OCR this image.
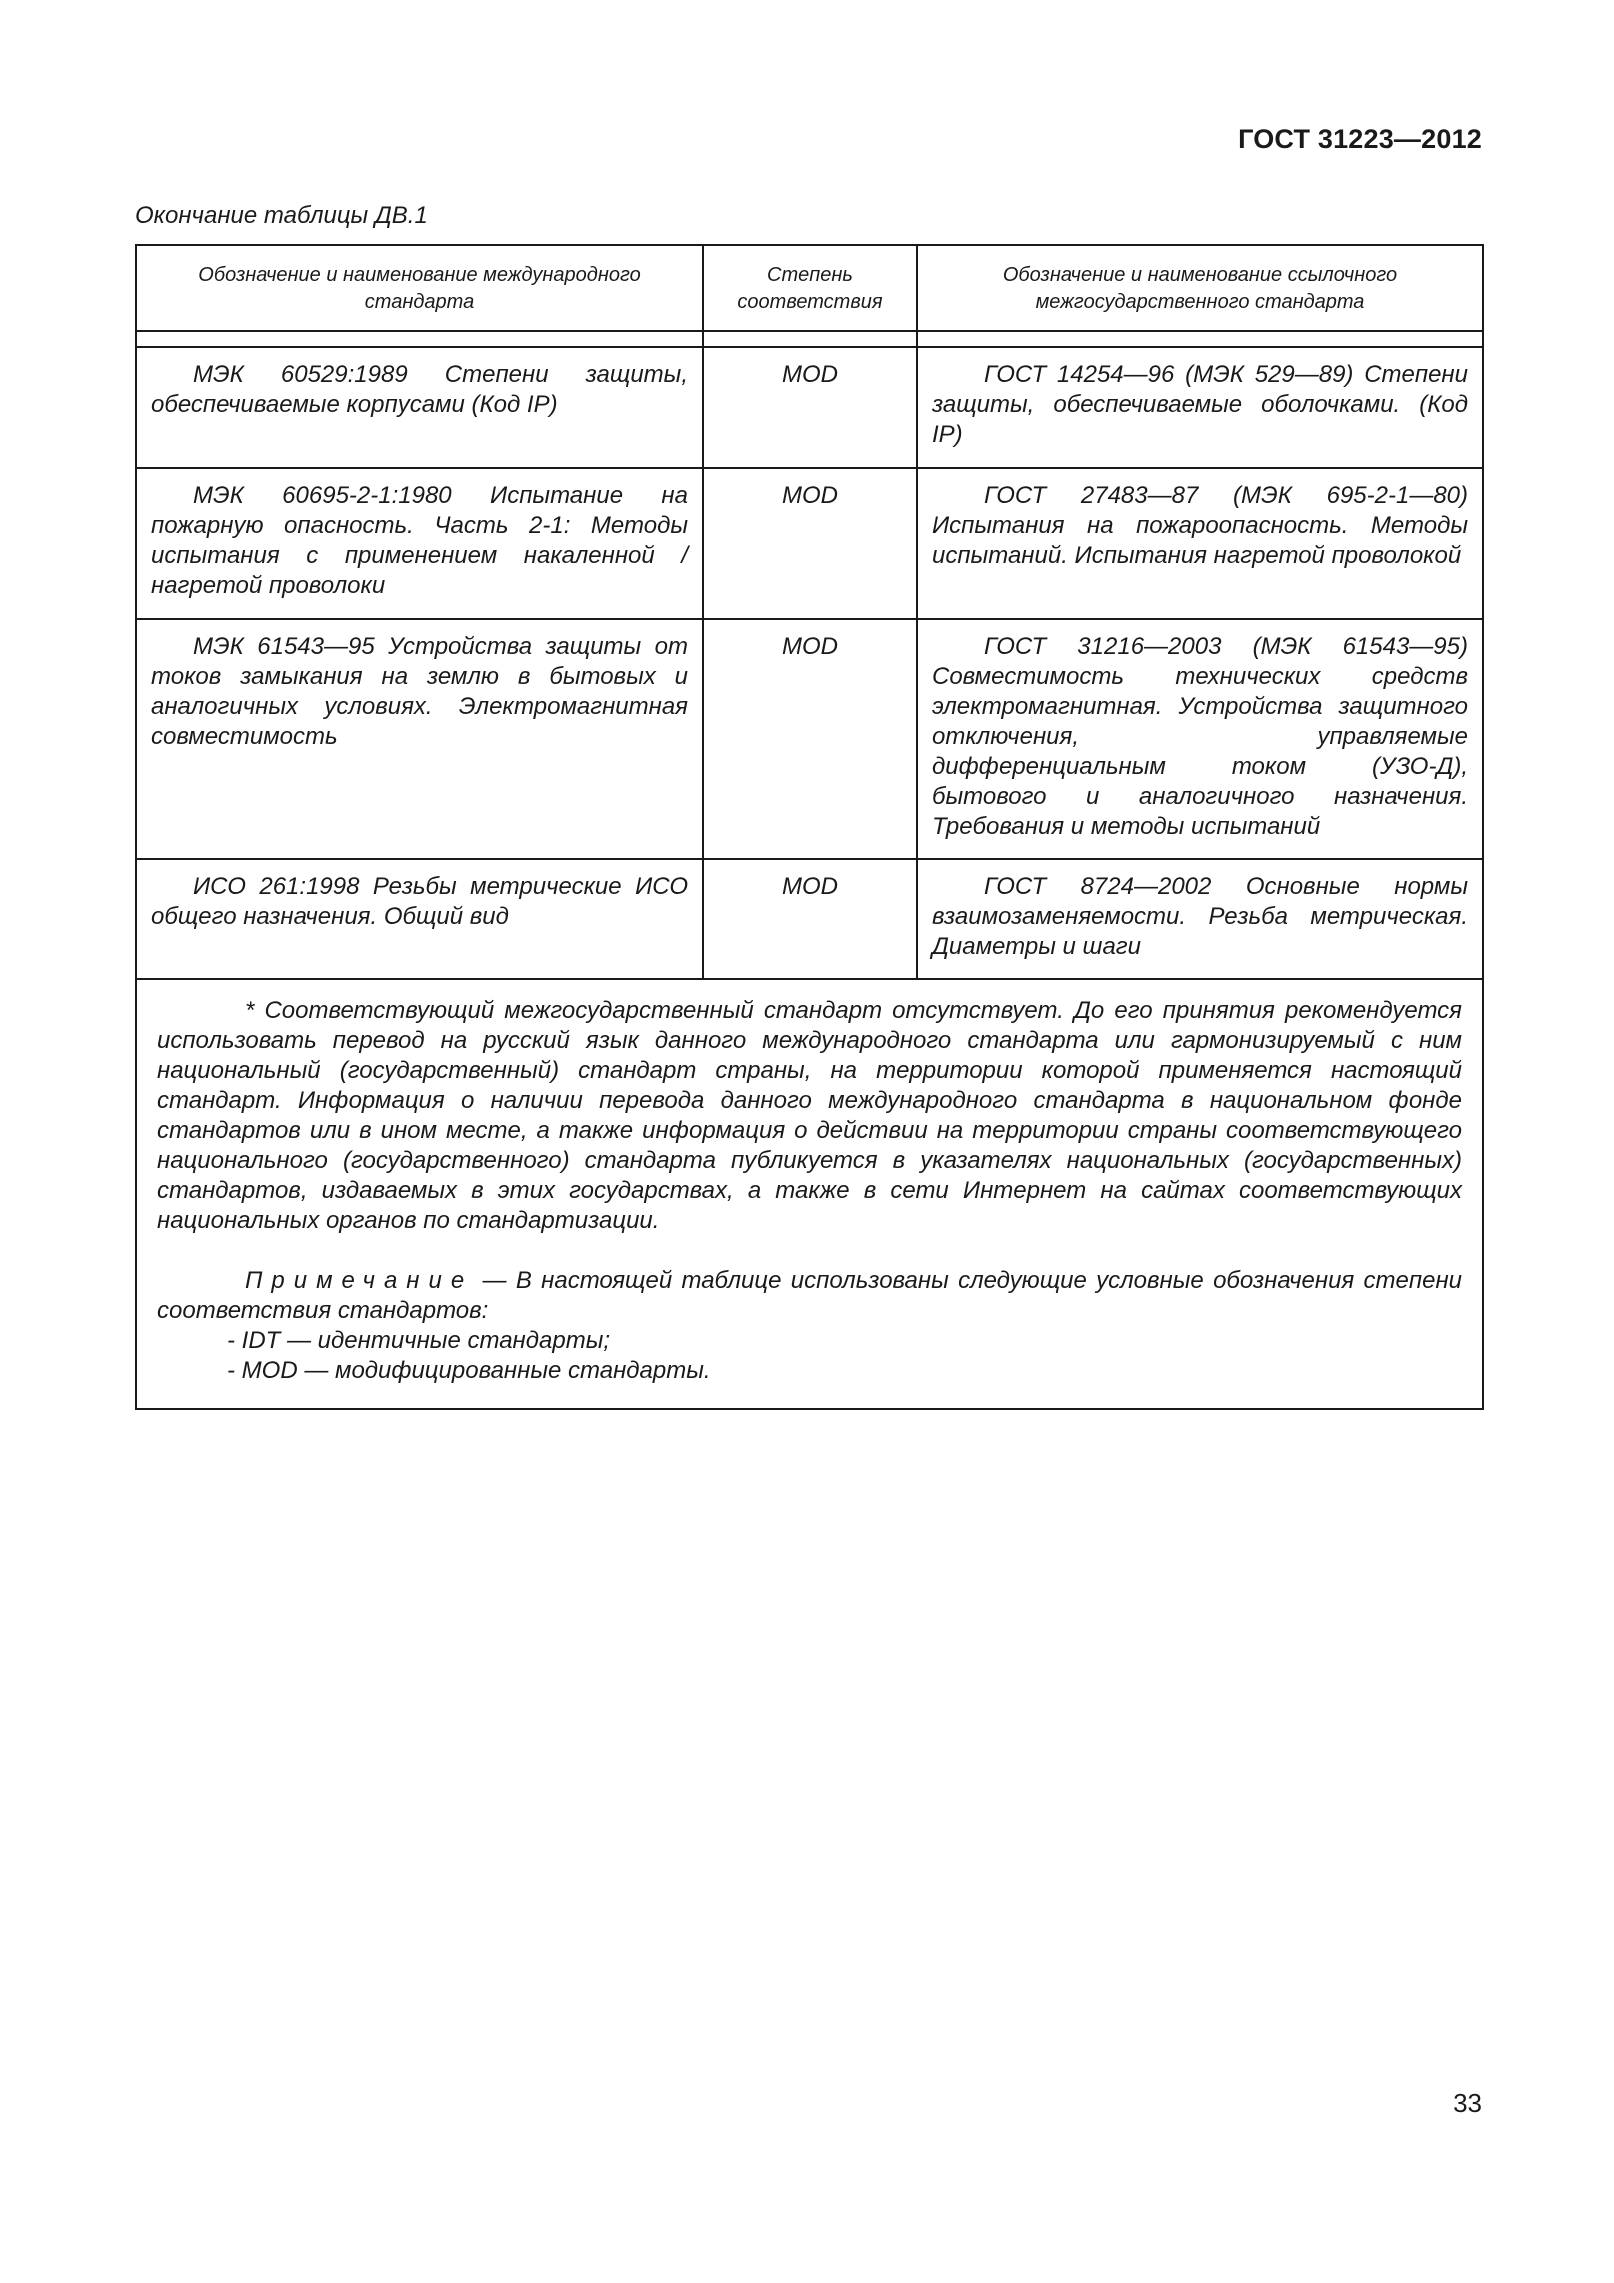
ГОСТ 31223—2012
Окончание таблицы ДВ.1
Обозначение и наименование международного стандарта	Степень соответствия	Обозначение и наименование ссылочного межгосударственного стандарта

МЭК 60529:1989 Степени защиты, обеспечиваемые корпусами (Код IP)	MOD	ГОСТ 14254—96 (МЭК 529—89) Степени защиты, обеспечиваемые оболочками. (Код IP)
МЭК 60695-2-1:1980 Испытание на пожарную опасность. Часть 2-1: Методы испытания с применением накаленной / нагретой проволоки	MOD	ГОСТ 27483—87 (МЭК 695-2-1—80) Испытания на пожароопасность. Методы испытаний. Испытания нагретой проволокой
МЭК 61543—95 Устройства защиты от токов замыкания на землю в бытовых и аналогичных условиях. Электромагнитная совместимость	MOD	ГОСТ 31216—2003 (МЭК 61543—95) Совместимость технических средств электромагнитная. Устройства защитного отключения, управляемые дифференциальным током (УЗО-Д), бытового и аналогичного назначения. Требования и методы испытаний
ИСО 261:1998 Резьбы метрические ИСО общего назначения. Общий вид	MOD	ГОСТ 8724—2002 Основные нормы взаимозаменяемости. Резьба метрическая. Диаметры и шаги

* Соответствующий межгосударственный стандарт отсутствует. До его принятия рекомендуется использовать перевод на русский язык данного международного стандарта или гармонизируемый с ним национальный (государственный) стандарт страны, на территории которой применяется настоящий стандарт. Информация о наличии перевода данного международного стандарта в национальном фонде стандартов или в ином месте, а также информация о действии на территории страны соответствующего национального (государственного) стандарта публикуется в указателях национальных (государственных) стандартов, издаваемых в этих государствах, а также в сети Интернет на сайтах соответствующих национальных органов по стандартизации.

Примечание — В настоящей таблице использованы следующие условные обозначения степени соответствия стандартов:

- IDT — идентичные стандарты;
- MOD — модифицированные стандарты.		
33
